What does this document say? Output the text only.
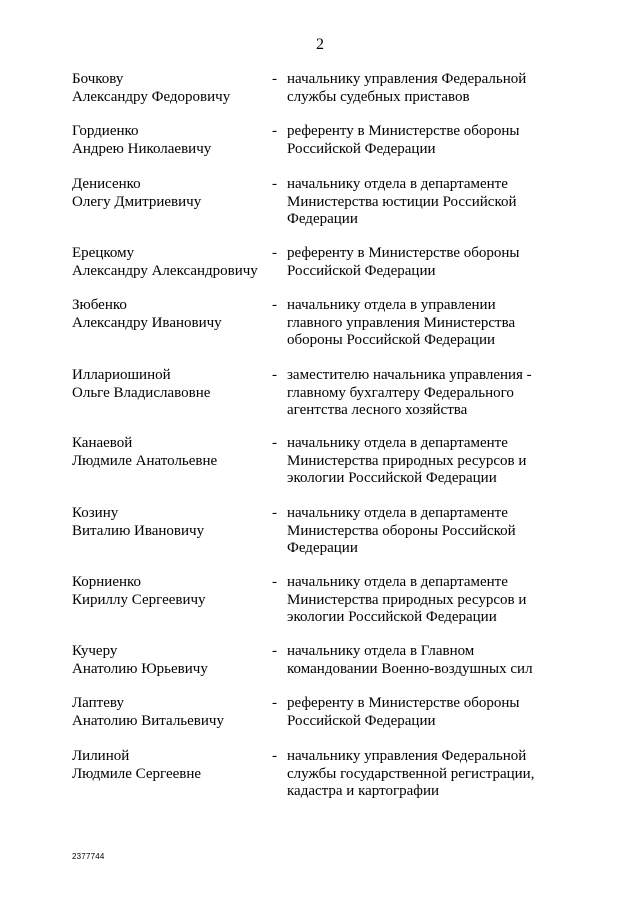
2
Бочкову
Александру Федоровичу
- начальнику управления Федеральной
службы судебных приставов
Гордиенко
Андрею Николаевичу
- референту в Министерстве обороны
Российской Федерации
Денисенко
Олегу Дмитриевичу
- начальнику отдела в департаменте
Министерства юстиции Российской
Федерации
Ерецкому
Александру Александровичу
- референту в Министерстве обороны
Российской Федерации
Зюбенко
Александру Ивановичу
- начальнику отдела в управлении
главного управления Министерства
обороны Российской Федерации
Иллариошиной
Ольге Владиславовне
- заместителю начальника управления -
главному бухгалтеру Федерального
агентства лесного хозяйства
Канаевой
Людмиле Анатольевне
- начальнику отдела в департаменте
Министерства природных ресурсов и
экологии Российской Федерации
Козину
Виталию Ивановичу
- начальнику отдела в департаменте
Министерства обороны Российской
Федерации
Корниенко
Кириллу Сергеевичу
- начальнику отдела в департаменте
Министерства природных ресурсов и
экологии Российской Федерации
Кучеру
Анатолию Юрьевичу
- начальнику отдела в Главном
командовании Военно-воздушных сил
Лаптеву
Анатолию Витальевичу
- референту в Министерстве обороны
Российской Федерации
Лилиной
Людмиле Сергеевне
- начальнику управления Федеральной
службы государственной регистрации,
кадастра и картографии
2377744
